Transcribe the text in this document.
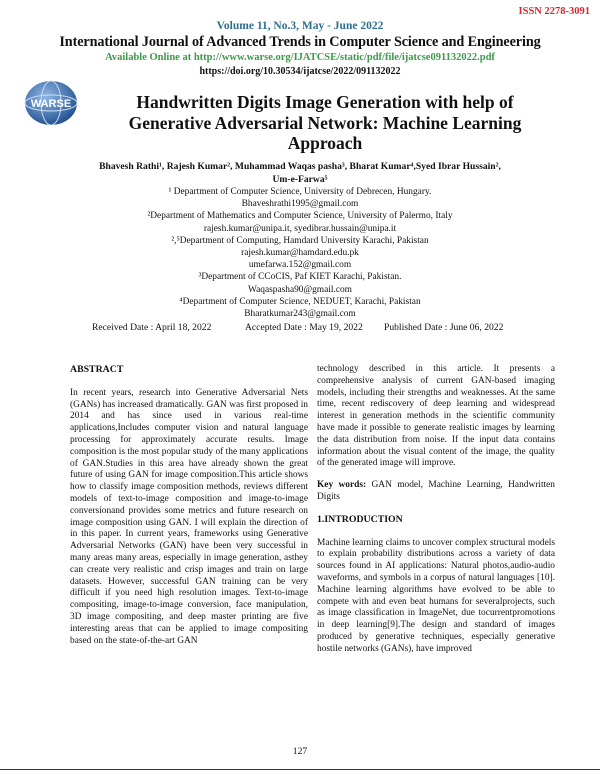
ISSN 2278-3091
Volume 11, No.3, May - June 2022
International Journal of Advanced Trends in Computer Science and Engineering
Available Online at http://www.warse.org/IJATCSE/static/pdf/file/ijatcse091132022.pdf
https://doi.org/10.30534/ijatcse/2022/091132022
WARSE	Handwritten Digits Image Generation with help of
Generative Adversarial Network: Machine Learning
Approach
Bhavesh Rathi¹, Rajesh Kumar², Muhammad Waqas pasha³, Bharat Kumar⁴,Syed Ibrar Hussain²,
Um-e-Farwa⁵
¹ Department of Computer Science, University of Debrecen, Hungary.
Bhaveshrathi1995@gmail.com
²Department of Mathematics and Computer Science, University of Palermo, Italy
rajesh.kumar@unipa.it, syedibrar.hussain@unipa.it
²,⁵Department of Computing, Hamdard University Karachi, Pakistan
rajesh.kumar@hamdard.edu.pk
umefarwa.152@gmail.com
³Department of CCoCIS, Paf KIET Karachi, Pakistan.
Waqaspasha90@gmail.com
⁴Department of Computer Science, NEDUET, Karachi, Pakistan
Bharatkumar243@gmail.com
Received Date : April 18, 2022	Accepted Date : May 19, 2022 Published Date : June 06, 2022

ABSTRACT

In recent years, research into Generative Adversarial Nets (GANs) has increased dramatically. GAN was first proposed in 2014 and has since used in various real-time applications,Includes computer vision and natural language processing for approximately accurate results. Image composition is the most popular study of the many applications of GAN.Studies in this area have already shown the great future of using GAN for image composition.This article shows how to classify image composition methods, reviews different models of text-to-image composition and image-to-image conversionand provides some metrics and future research on image composition using GAN. I will explain the direction of in this paper. In current years, frameworks using Generative Adversarial Networks (GAN) have been very successful in many areas many areas, especially in image generation, asthey can create very realistic and crisp images and train on large datasets. However, successful GAN training can be very difficult if you need high resolution images. Text-to-image compositing, image-to-image conversion, face manipulation, 3D image compositing, and deep master printing are five interesting areas that can be applied to image compositing based on the state-of-the-art GAN

technology described in this article. It presents a comprehensive analysis of current GAN-based imaging models, including their strengths and weaknesses. At the same time, recent rediscovery of deep learning and widespread interest in generation methods in the scientific community have made it possible to generate realistic images by learning the data distribution from noise. If the input data contains information about the visual content of the image, the quality of the generated image will improve.

Key words: GAN model, Machine Learning, Handwritten Digits

1.INTRODUCTION

Machine learning claims to uncover complex structural models to explain probability distributions across a variety of data sources found in AI applications: Natural photos,audio-audio waveforms, and symbols in a corpus of natural languages [10]. Machine learning algorithms have evolved to be able to compete with and even beat humans for severalprojects, such as image classification in ImageNet, due tocurrentpromotions in deep learning[9].The design and standard of images produced by generative techniques, especially generative hostile networks (GANs), have improved

127
